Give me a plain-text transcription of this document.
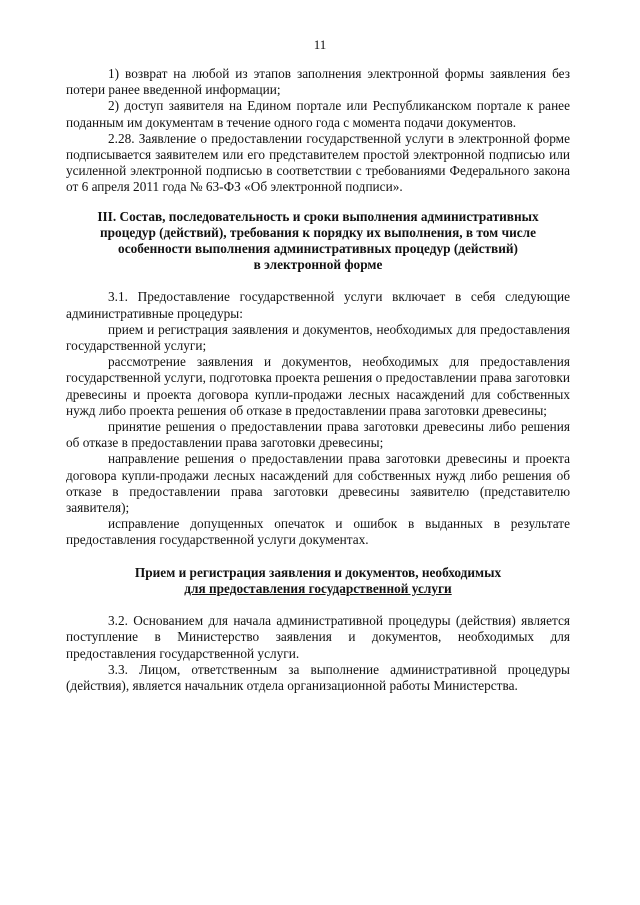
11

1) возврат на любой из этапов заполнения электронной формы заявления без потери ранее введенной информации;

2) доступ заявителя на Едином портале или Республиканском портале к ранее поданным им документам в течение одного года с момента подачи документов.

2.28. Заявление о предоставлении государственной услуги в электронной форме подписывается заявителем или его представителем простой электронной подписью или усиленной электронной подписью в соответствии с требованиями Федерального закона от 6 апреля 2011 года № 63-ФЗ «Об электронной подписи».

III. Состав, последовательность и сроки выполнения административных
процедур (действий), требования к порядку их выполнения, в том числе
особенности выполнения административных процедур (действий)
в электронной форме

3.1. Предоставление государственной услуги включает в себя следующие административные процедуры:

прием и регистрация заявления и документов, необходимых для предоставления государственной услуги;

рассмотрение заявления и документов, необходимых для предоставления государственной услуги, подготовка проекта решения о предоставлении права заготовки древесины и проекта договора купли-продажи лесных насаждений для собственных нужд либо проекта решения об отказе в предоставлении права заготовки древесины;

принятие решения о предоставлении права заготовки древесины либо решения об отказе в предоставлении права заготовки древесины;

направление решения о предоставлении права заготовки древесины и проекта договора купли-продажи лесных насаждений для собственных нужд либо решения об отказе в предоставлении права заготовки древесины заявителю (представителю заявителя);

исправление допущенных опечаток и ошибок в выданных в результате предоставления государственной услуги документах.

Прием и регистрация заявления и документов, необходимых
для предоставления государственной услуги

3.2. Основанием для начала административной процедуры (действия) является поступление в Министерство заявления и документов, необходимых для предоставления государственной услуги.

3.3. Лицом, ответственным за выполнение административной процедуры (действия), является начальник отдела организационной работы Министерства.
